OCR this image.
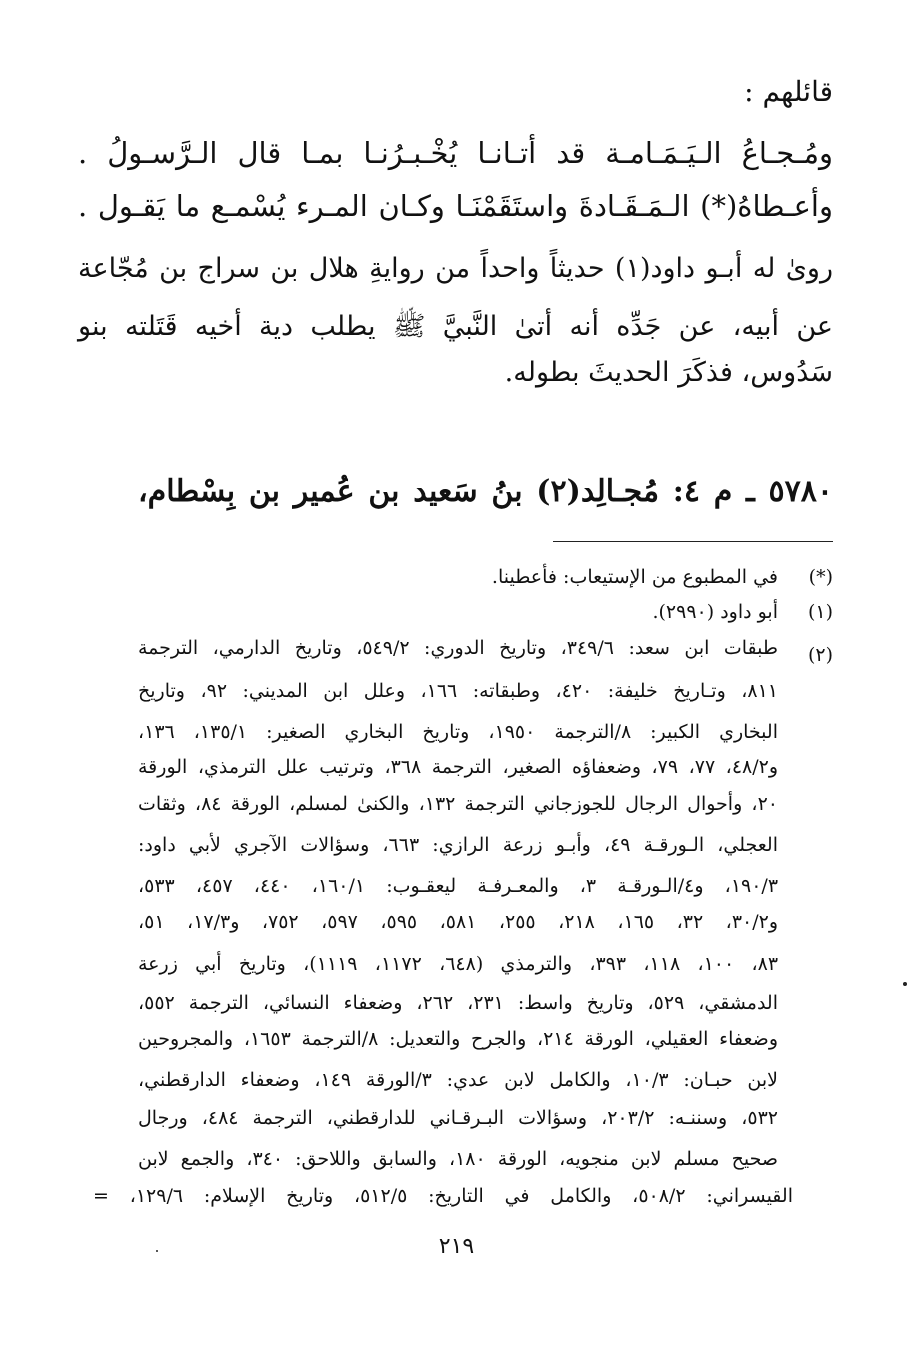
قائلهم :
ومُـجـاعُ الـيَـمَـامـة قد أتـانـا يُخْـبـرُنـا بمـا قال الـرَّسـولُ .
وأعـطاهُ(*) الـمَـقَـادةَ واستَقَمْنَـا وكـان المـرء يُسْمـع ما يَقـول .
روىٰ له أبـو داود(١) حديثاً واحداً من روايةِ هلال بن سراج بن مُجّاعة
عن أبيه، عن جَدِّه أنه أتىٰ النَّبيَّ ﷺ يطلب دية أخيه قَتَلته بنو
سَدُوس، فذكَرَ الحديثَ بطوله.
٥٧٨٠ ـ م ٤: مُجـالِد(٢) بنُ سَعيد بن عُمير بن بِسْطام،
(*)
(١)
(٢)
في المطبوع من الإستيعاب: فأعطينا.
أبو داود (٢٩٩٠).
طبقات ابن سعد: ٣٤٩/٦، وتاريخ الدوري: ٥٤٩/٢، وتاريخ الدارمي، الترجمة
٨١١، وتـاريخ خليفة: ٤٢٠، وطبقاته: ١٦٦، وعلل ابن المديني: ٩٢، وتاريخ
البخاري الكبير: ٨/الترجمة ١٩٥٠، وتاريخ البخاري الصغير: ١٣٥/١، ١٣٦،
و٤٨/٢، ٧٧، ٧٩، وضعفاؤه الصغير، الترجمة ٣٦٨، وترتيب علل الترمذي، الورقة
٢٠، وأحوال الرجال للجوزجاني الترجمة ١٣٢، والكنىٰ لمسلم، الورقة ٨٤، وثقات
العجلي، الـورقـة ٤٩، وأبـو زرعة الرازي: ٦٦٣، وسؤالات الآجري لأبي داود:
١٩٠/٣، و٤/الـورقـة ٣، والمعـرفـة ليعقـوب: ١٦٠/١، ٤٤٠، ٤٥٧، ٥٣٣،
و٣٠/٢، ٣٢، ١٦٥، ٢١٨، ٢٥٥، ٥٨١، ٥٩٥، ٥٩٧، ٧٥٢، و١٧/٣، ٥١،
٨٣، ١٠٠، ١١٨، ٣٩٣، والترمذي (٦٤٨، ١١٧٢، ١١١٩)، وتاريخ أبي زرعة
الدمشقي، ٥٢٩، وتاريخ واسط: ٢٣١، ٢٦٢، وضعفاء النسائي، الترجمة ٥٥٢،
وضعفاء العقيلي، الورقة ٢١٤، والجرح والتعديل: ٨/الترجمة ١٦٥٣، والمجروحين
لابن حبـان: ١٠/٣، والكامل لابن عدي: ٣/الورقة ١٤٩، وضعفاء الدارقطني،
٥٣٢، وسننـه: ٢٠٣/٢، وسؤالات البـرقـاني للدارقطني، الترجمة ٤٨٤، ورجال
صحيح مسلم لابن منجويه، الورقة ١٨٠، والسابق واللاحق: ٣٤٠، والجمع لابن
القيسراني: ٥٠٨/٢، والكامل في التاريخ: ٥١٢/٥، وتاريخ الإسلام: ١٢٩/٦، =
٢١٩
